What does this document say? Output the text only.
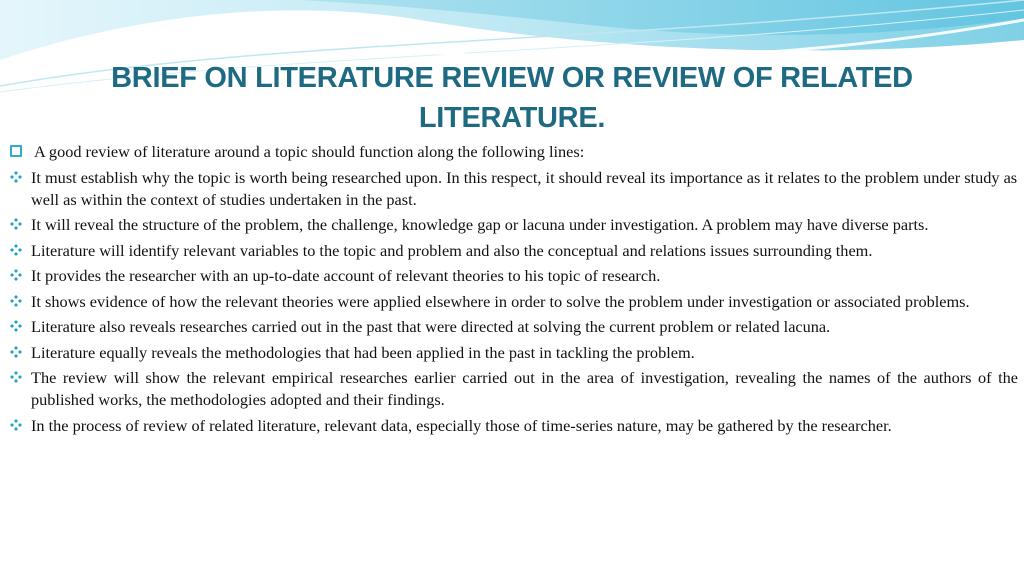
BRIEF ON LITERATURE REVIEW OR REVIEW OF RELATED LITERATURE.
A good review of literature around a topic should function along the following lines:
It must establish why the topic is worth being researched upon. In this respect, it should reveal its importance as it relates to the problem under study as well as within the context of studies undertaken in the past.
It will reveal the structure of the problem, the challenge, knowledge gap or lacuna under investigation. A problem may have diverse parts.
Literature will identify relevant variables to the topic and problem and also the conceptual and relations issues surrounding them.
It provides the researcher with an up-to-date account of relevant theories to his topic of research.
It shows evidence of how the relevant theories were applied elsewhere in order to solve the problem under investigation or associated problems.
Literature also reveals researches carried out in the past that were directed at solving the current problem or related lacuna.
Literature equally reveals the methodologies that had been applied in the past in tackling the problem.
The review will show the relevant empirical researches earlier carried out in the area of investigation, revealing the names of the authors of the published works, the methodologies adopted and their findings.
In the process of review of related literature, relevant data, especially those of time-series nature, may be gathered by the researcher.
